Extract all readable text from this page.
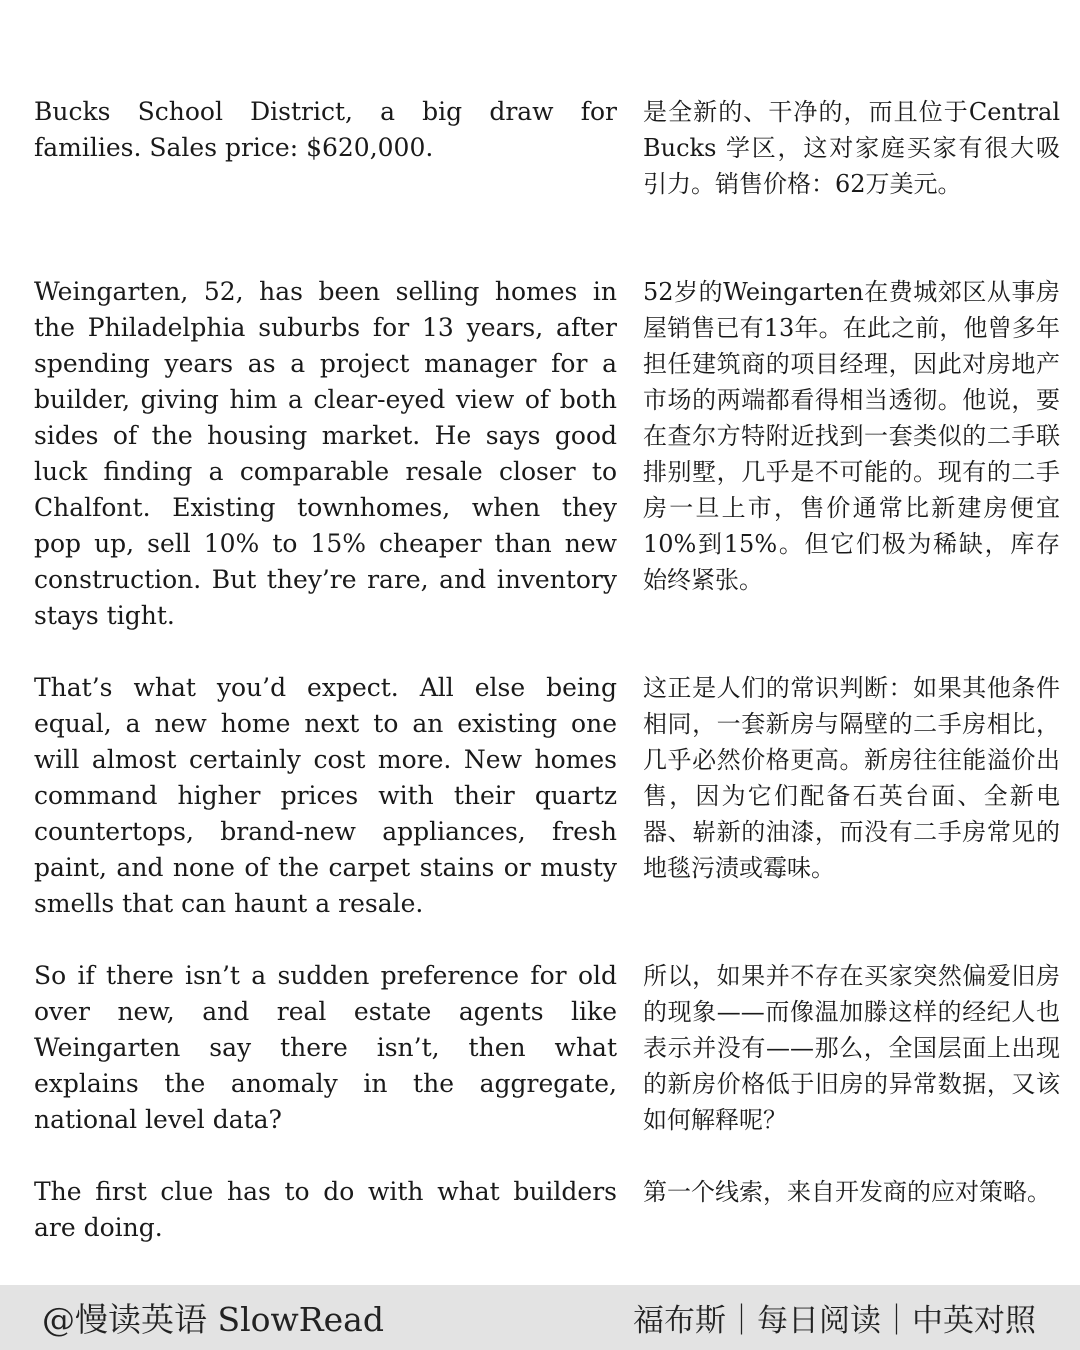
Bucks School District, a big draw for families. Sales price: $620,000.

是全新的、干净的，而且位于Central Bucks 学区，这对家庭买家有很大吸引力。销售价格：62万美元。

Weingarten, 52, has been selling homes in the Philadelphia suburbs for 13 years, after spending years as a project manager for a builder, giving him a clear-eyed view of both sides of the housing market. He says good luck finding a comparable resale closer to Chalfont. Existing townhomes, when they pop up, sell 10% to 15% cheaper than new construction. But they’re rare, and inventory stays tight.

52岁的Weingarten在费城郊区从事房屋销售已有13年。在此之前，他曾多年担任建筑商的项目经理，因此对房地产市场的两端都看得相当透彻。他说，要在查尔方特附近找到一套类似的二手联排别墅，几乎是不可能的。现有的二手房一旦上市，售价通常比新建房便宜10%到15%。但它们极为稀缺，库存始终紧张。

That’s what you’d expect. All else being equal, a new home next to an existing one will almost certainly cost more. New homes command higher prices with their quartz countertops, brand-new appliances, fresh paint, and none of the carpet stains or musty smells that can haunt a resale.

这正是人们的常识判断：如果其他条件相同，一套新房与隔壁的二手房相比，几乎必然价格更高。新房往往能溢价出售，因为它们配备石英台面、全新电器、崭新的油漆，而没有二手房常见的地毯污渍或霉味。

So if there isn’t a sudden preference for old over new, and real estate agents like Weingarten say there isn’t, then what explains the anomaly in the aggregate, national level data?

所以，如果并不存在买家突然偏爱旧房的现象——而像温加滕这样的经纪人也表示并没有——那么，全国层面上出现的新房价格低于旧房的异常数据，又该如何解释呢？

The first clue has to do with what builders are doing.

第一个线索，来自开发商的应对策略。

@慢读英语 SlowRead	福布斯｜每日阅读｜中英对照
